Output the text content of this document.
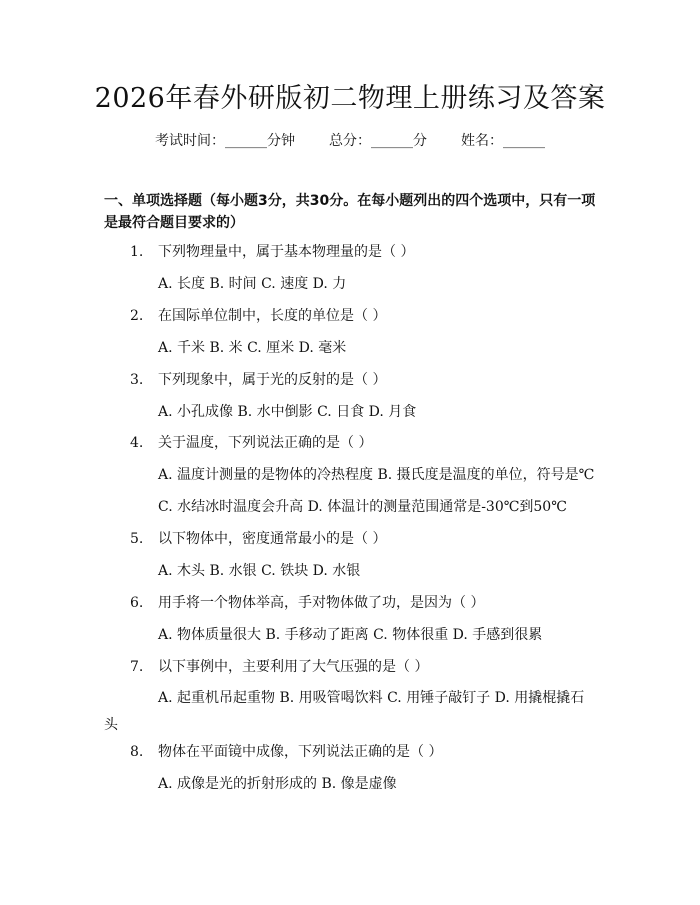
2026年春外研版初二物理上册练习及答案
考试时间：______分钟 总分：______分 姓名：______
一、单项选择题（每小题3分，共30分。在每小题列出的四个选项中，只有一项是最符合题目要求的）
1. 下列物理量中，属于基本物理量的是（ ）
A. 长度 B. 时间 C. 速度 D. 力
2. 在国际单位制中，长度的单位是（ ）
A. 千米 B. 米 C. 厘米 D. 毫米
3. 下列现象中，属于光的反射的是（ ）
A. 小孔成像 B. 水中倒影 C. 日食 D. 月食
4. 关于温度，下列说法正确的是（ ）
A. 温度计测量的是物体的冷热程度 B. 摄氏度是温度的单位，符号是℃
C. 水结冰时温度会升高 D. 体温计的测量范围通常是-30℃到50℃
5. 以下物体中，密度通常最小的是（ ）
A. 木头 B. 水银 C. 铁块 D. 水银
6. 用手将一个物体举高，手对物体做了功，是因为（ ）
A. 物体质量很大 B. 手移动了距离 C. 物体很重 D. 手感到很累
7. 以下事例中，主要利用了大气压强的是（ ）
A. 起重机吊起重物 B. 用吸管喝饮料 C. 用锤子敲钉子 D. 用撬棍撬石头
8. 物体在平面镜中成像，下列说法正确的是（ ）
A. 成像是光的折射形成的 B. 像是虚像
